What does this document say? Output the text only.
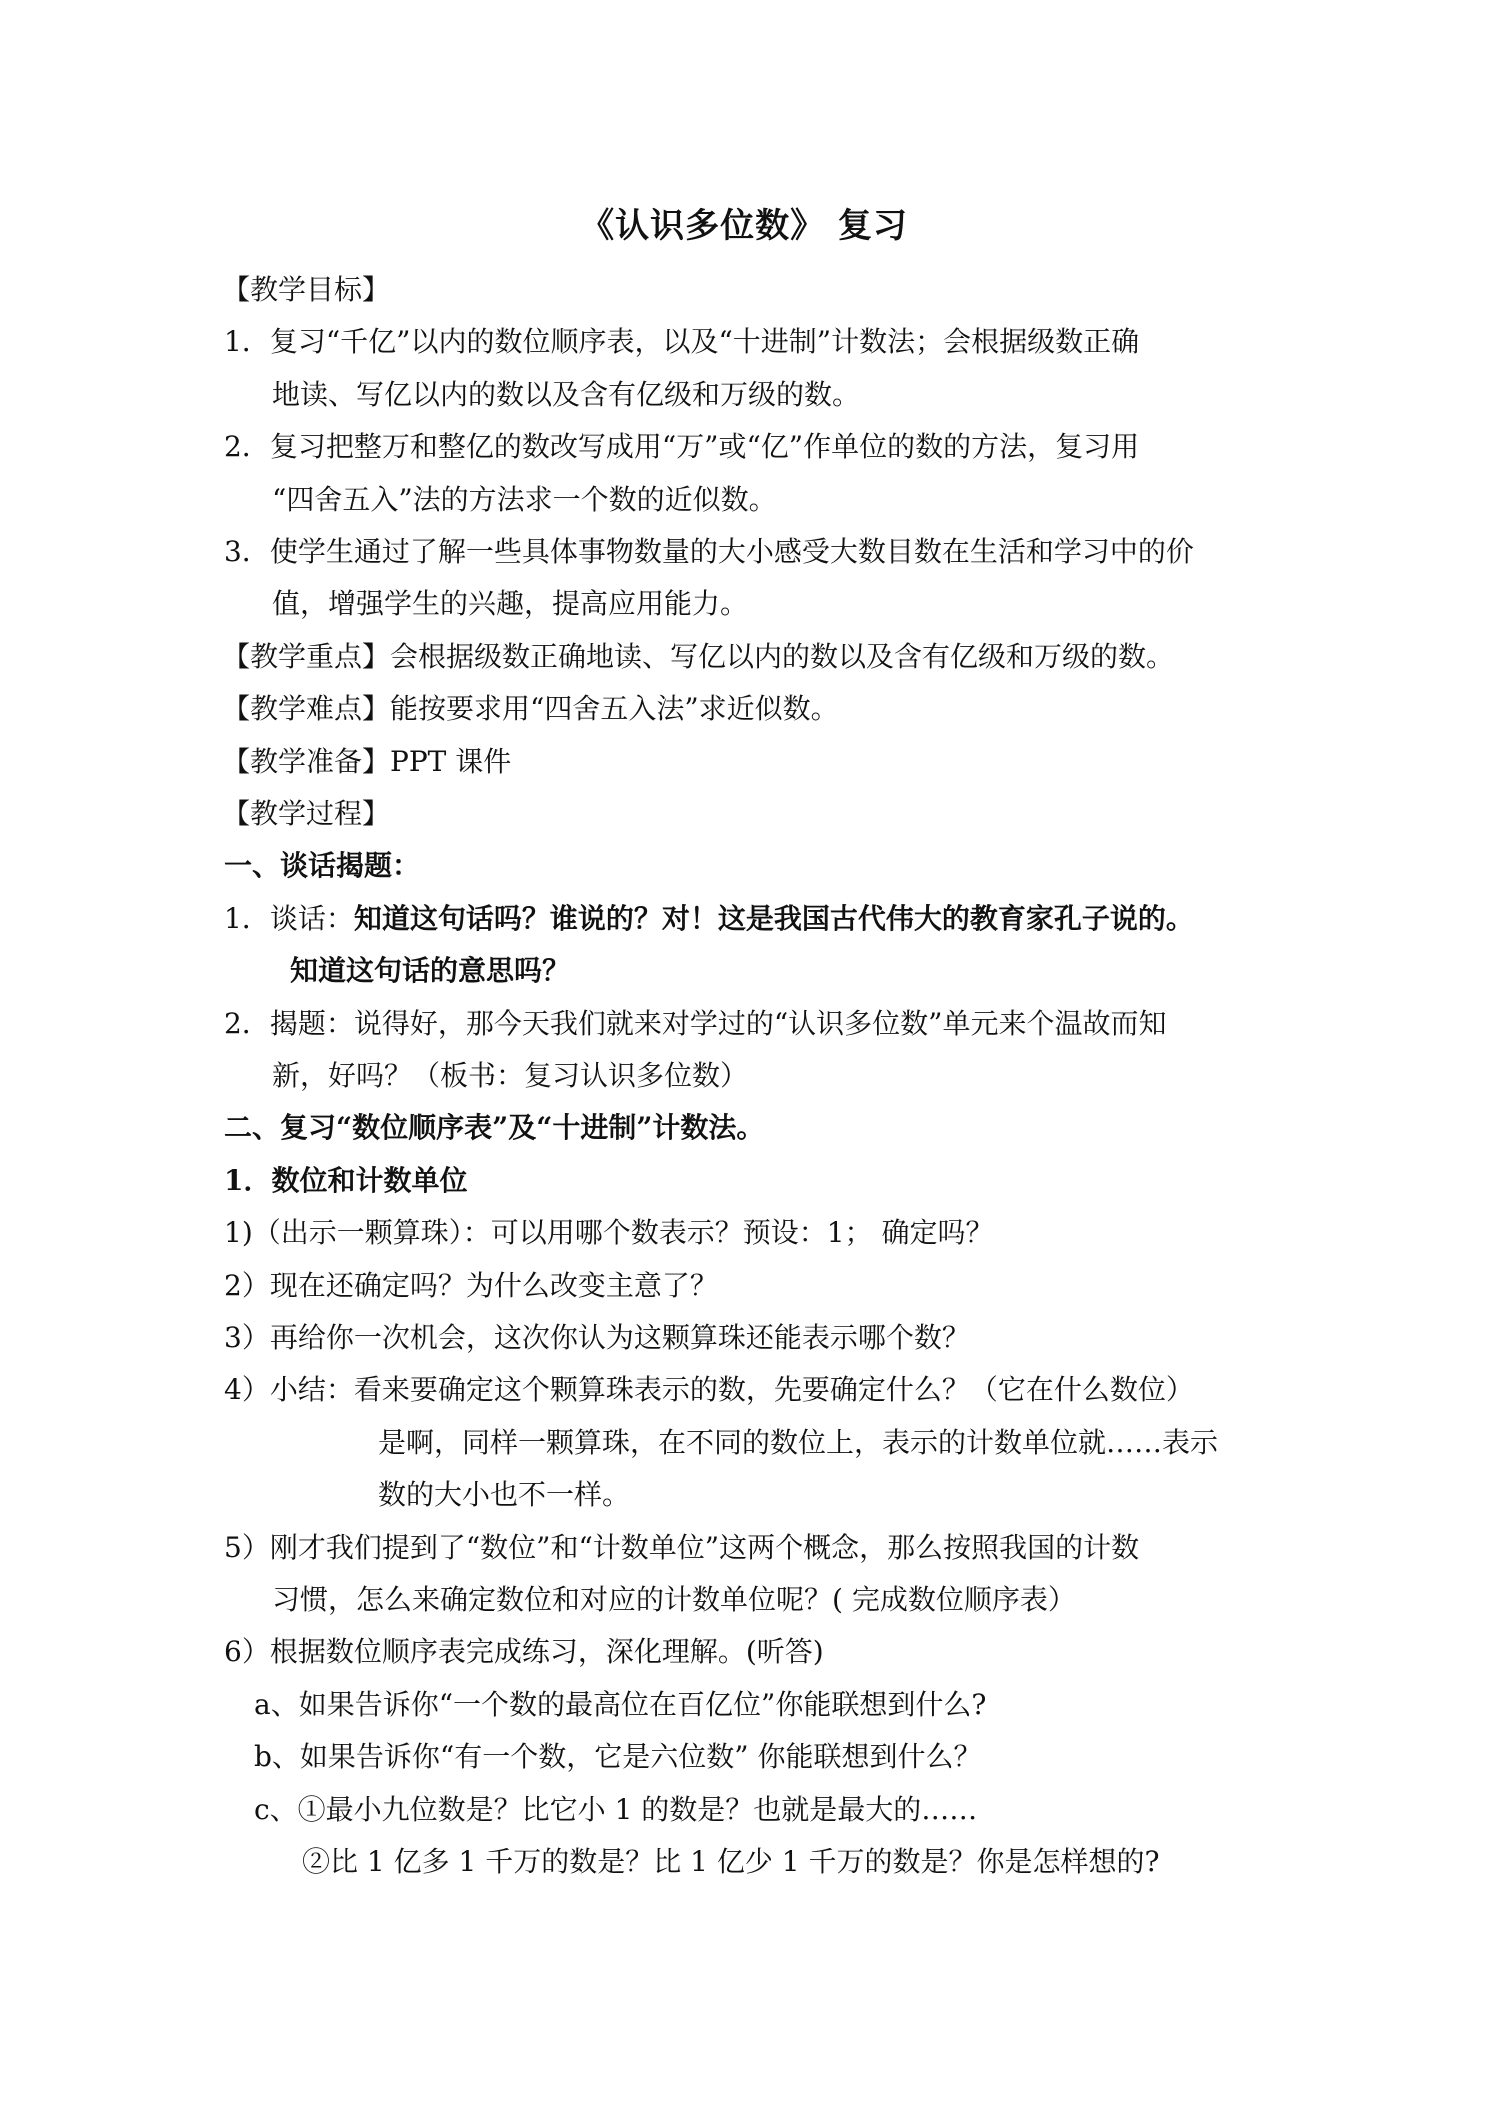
《认识多位数》 复习
【教学目标】
1．复习“千亿”以内的数位顺序表，以及“十进制”计数法；会根据级数正确
地读、写亿以内的数以及含有亿级和万级的数。
2．复习把整万和整亿的数改写成用“万”或“亿”作单位的数的方法，复习用
“四舍五入”法的方法求一个数的近似数。
3．使学生通过了解一些具体事物数量的大小感受大数目数在生活和学习中的价
值，增强学生的兴趣，提高应用能力。
【教学重点】会根据级数正确地读、写亿以内的数以及含有亿级和万级的数。
【教学难点】能按要求用“四舍五入法”求近似数。
【教学准备】PPT 课件
【教学过程】
一、谈话揭题：
1．谈话：知道这句话吗？谁说的？对！这是我国古代伟大的教育家孔子说的。
知道这句话的意思吗？
2．揭题：说得好，那今天我们就来对学过的“认识多位数”单元来个温故而知
新，好吗？（板书：复习认识多位数）
二、复习“数位顺序表”及“十进制”计数法。
1．数位和计数单位
1)（出示一颗算珠）：可以用哪个数表示？预设：1； 确定吗？
2）现在还确定吗？为什么改变主意了？
3）再给你一次机会，这次你认为这颗算珠还能表示哪个数？
4）小结：看来要确定这个颗算珠表示的数，先要确定什么？（它在什么数位）
是啊，同样一颗算珠，在不同的数位上，表示的计数单位就……表示
数的大小也不一样。
5）刚才我们提到了“数位”和“计数单位”这两个概念，那么按照我国的计数
习惯，怎么来确定数位和对应的计数单位呢？( 完成数位顺序表）
6）根据数位顺序表完成练习，深化理解。(听答)
a、如果告诉你“一个数的最高位在百亿位”你能联想到什么?
b、如果告诉你“有一个数，它是六位数” 你能联想到什么？
c、①最小九位数是？比它小 1 的数是？也就是最大的……
②比 1 亿多 1 千万的数是？比 1 亿少 1 千万的数是？你是怎样想的?
